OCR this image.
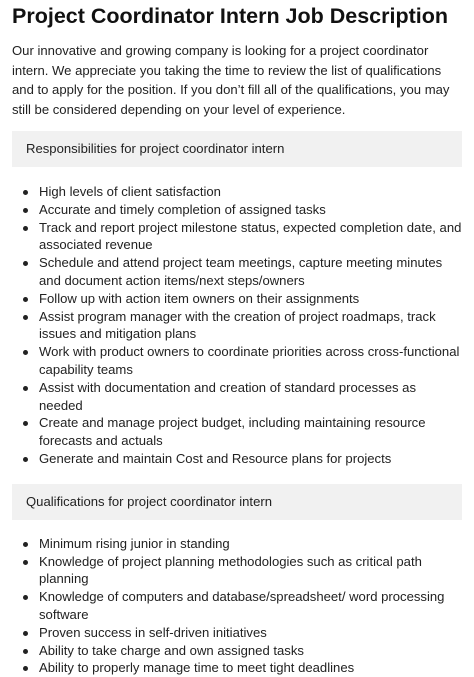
Project Coordinator Intern Job Description

Our innovative and growing company is looking for a project coordinator intern. We appreciate you taking the time to review the list of qualifications and to apply for the position. If you don’t fill all of the qualifications, you may still be considered depending on your level of experience.

Responsibilities for project coordinator intern
High levels of client satisfaction
Accurate and timely completion of assigned tasks
Track and report project milestone status, expected completion date, and associated revenue
Schedule and attend project team meetings, capture meeting minutes and document action items/next steps/owners
Follow up with action item owners on their assignments
Assist program manager with the creation of project roadmaps, track issues and mitigation plans
Work with product owners to coordinate priorities across cross-functional capability teams
Assist with documentation and creation of standard processes as needed
Create and manage project budget, including maintaining resource forecasts and actuals
Generate and maintain Cost and Resource plans for projects
Qualifications for project coordinator intern
Minimum rising junior in standing
Knowledge of project planning methodologies such as critical path planning
Knowledge of computers and database/spreadsheet/ word processing software
Proven success in self-driven initiatives
Ability to take charge and own assigned tasks
Ability to properly manage time to meet tight deadlines
